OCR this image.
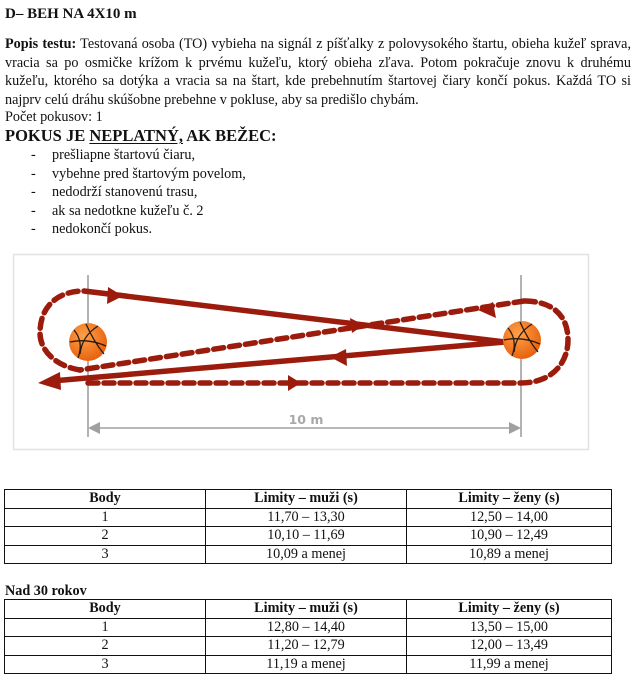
D– BEH NA 4X10 m
Popis testu: Testovaná osoba (TO) vybieha na signál z píšťalky z polovysokého štartu, obieha kužeľ sprava, vracia sa po osmičke krížom k prvému kužeľu, ktorý obieha zľava. Potom pokračuje znovu k druhému kužeľu, ktorého sa dotýka a vracia sa na štart, kde prebehnutím štartovej čiary končí pokus. Každá TO si najprv celú dráhu skúšobne prebehne v pokluse, aby sa predišlo chybám.
Počet pokusov: 1
POKUS JE NEPLATNÝ, AK BEŽEC:
- prešliapne štartovú čiaru,
- vybehne pred štartovým povelom,
- nedodrží stanovenú trasu,
- ak sa nedotkne kužeľu č. 2
- nedokončí pokus.
10 m
Body	Limity – muži (s)	Limity – ženy (s)
1	11,70 – 13,30	12,50 – 14,00
2	10,10 – 11,69	10,90 – 12,49
3	10,09 a menej	10,89 a menej
Nad 30 rokov
Body	Limity – muži (s)	Limity – ženy (s)
1	12,80 – 14,40	13,50 – 15,00
2	11,20 – 12,79	12,00 – 13,49
3	11,19 a menej	11,99 a menej
